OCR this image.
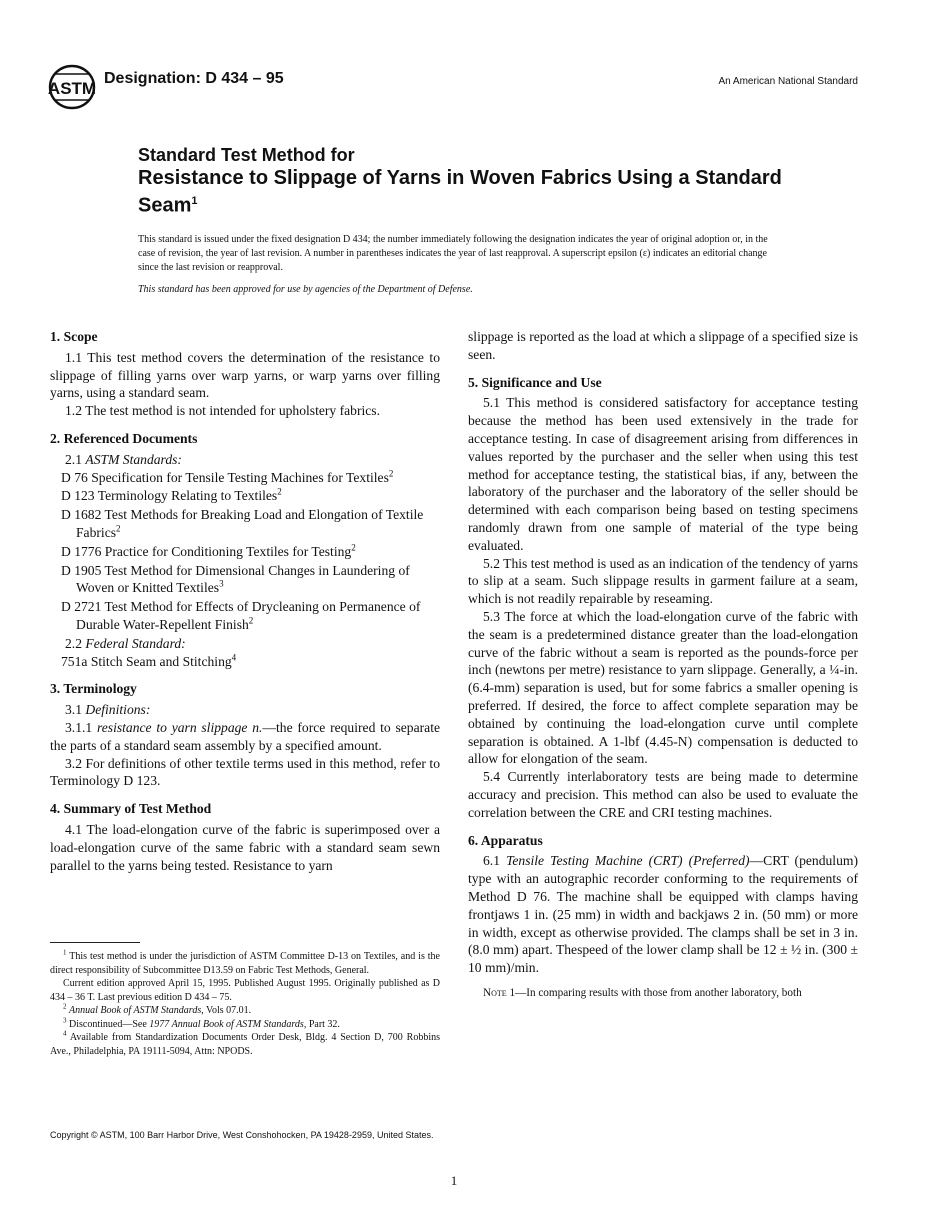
ASTM
Designation: D 434 – 95	An American National Standard
Standard Test Method for
Resistance to Slippage of Yarns in Woven Fabrics Using a Standard Seam$^1$
This standard is issued under the fixed designation D 434; the number immediately following the designation indicates the year of original adoption or, in the case of revision, the year of last revision. A number in parentheses indicates the year of last reapproval. A superscript epsilon (ε) indicates an editorial change since the last revision or reapproval.
This standard has been approved for use by agencies of the Department of Defense.
1. Scope

1.1 This test method covers the determination of the resistance to slippage of filling yarns over warp yarns, or warp yarns over filling yarns, using a standard seam.

1.2 The test method is not intended for upholstery fabrics.

2. Referenced Documents

2.1 ASTM Standards:

D 76 Specification for Tensile Testing Machines for Textiles$^2$

D 123 Terminology Relating to Textiles$^2$

D 1682 Test Methods for Breaking Load and Elongation of Textile Fabrics$^2$

D 1776 Practice for Conditioning Textiles for Testing$^2$

D 1905 Test Method for Dimensional Changes in Laundering of Woven or Knitted Textiles$^3$

D 2721 Test Method for Effects of Drycleaning on Permanence of Durable Water-Repellent Finish$^2$

2.2 Federal Standard:

751a Stitch Seam and Stitching$^4$

3. Terminology

3.1 Definitions:

3.1.1 resistance to yarn slippage n.—the force required to separate the parts of a standard seam assembly by a specified amount.

3.2 For definitions of other textile terms used in this method, refer to Terminology D 123.

4. Summary of Test Method

4.1 The load-elongation curve of the fabric is superimposed over a load-elongation curve of the same fabric with a standard seam sewn parallel to the yarns being tested. Resistance to yarn

$^1$ This test method is under the jurisdiction of ASTM Committee D-13 on Textiles, and is the direct responsibility of Subcommittee D13.59 on Fabric Test Methods, General.

Current edition approved April 15, 1995. Published August 1995. Originally published as D 434 – 36 T. Last previous edition D 434 – 75.

$^2$ Annual Book of ASTM Standards, Vols 07.01.

$^3$ Discontinued—See 1977 Annual Book of ASTM Standards, Part 32.

$^4$ Available from Standardization Documents Order Desk, Bldg. 4 Section D, 700 Robbins Ave., Philadelphia, PA 19111-5094, Attn: NPODS.

slippage is reported as the load at which a slippage of a specified size is seen.

5. Significance and Use

5.1 This method is considered satisfactory for acceptance testing because the method has been used extensively in the trade for acceptance testing. In case of disagreement arising from differences in values reported by the purchaser and the seller when using this test method for acceptance testing, the statistical bias, if any, between the laboratory of the purchaser and the laboratory of the seller should be determined with each comparison being based on testing specimens randomly drawn from one sample of material of the type being evaluated.

5.2 This test method is used as an indication of the tendency of yarns to slip at a seam. Such slippage results in garment failure at a seam, which is not readily repairable by reseaming.

5.3 The force at which the load-elongation curve of the fabric with the seam is a predetermined distance greater than the load-elongation curve of the fabric without a seam is reported as the pounds-force per inch (newtons per metre) resistance to yarn slippage. Generally, a ¼-in. (6.4-mm) separation is used, but for some fabrics a smaller opening is preferred. If desired, the force to affect complete separation may be obtained by continuing the load-elongation curve until complete separation is obtained. A 1-lbf (4.45-N) compensation is deducted to allow for elongation of the seam.

5.4 Currently interlaboratory tests are being made to determine accuracy and precision. This method can also be used to evaluate the correlation between the CRE and CRI testing machines.

6. Apparatus

6.1 Tensile Testing Machine (CRT) (Preferred)—CRT (pendulum) type with an autographic recorder conforming to the requirements of Method D 76. The machine shall be equipped with clamps having frontjaws 1 in. (25 mm) in width and backjaws 2 in. (50 mm) or more in width, except as otherwise provided. The clamps shall be set in 3 in. (8.0 mm) apart. Thespeed of the lower clamp shall be 12 ± ½ in. (300 ± 10 mm)/min.

Note 1—In comparing results with those from another laboratory, both

Copyright © ASTM, 100 Barr Harbor Drive, West Conshohocken, PA 19428-2959, United States.
1
